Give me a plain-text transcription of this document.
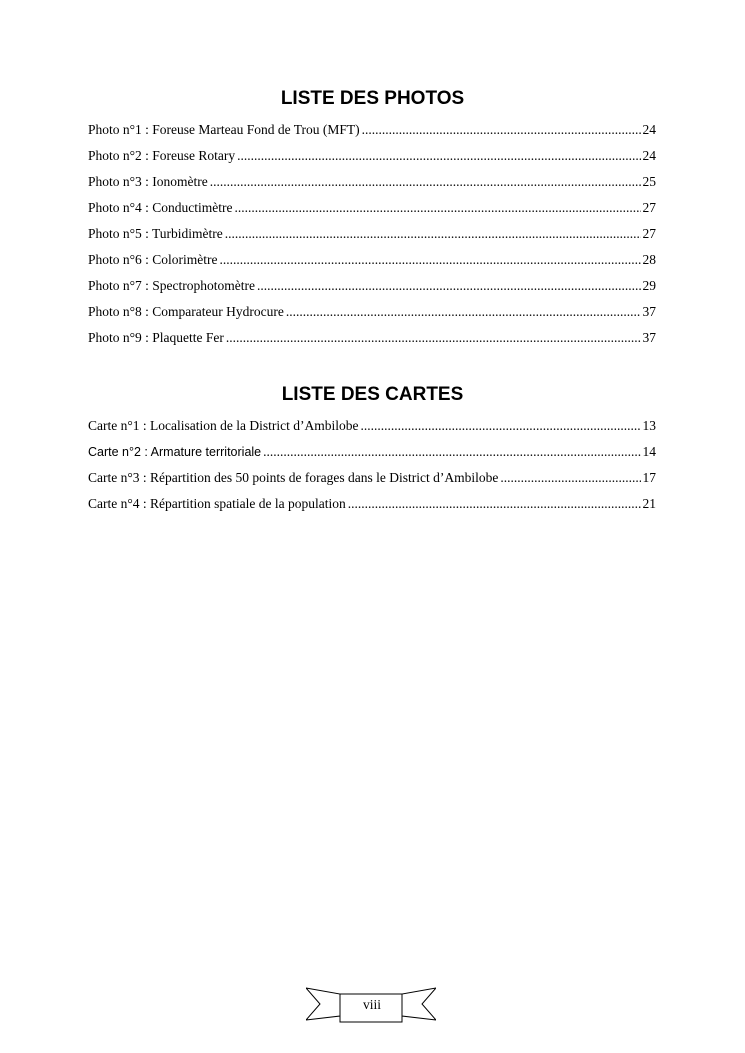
LISTE DES PHOTOS
Photo n°1 : Foreuse Marteau Fond de Trou (MFT) .....	24
Photo n°2 : Foreuse Rotary .....	24
Photo n°3 : Ionomètre .....	25
Photo n°4 : Conductimètre .....	27
Photo n°5 : Turbidimètre .....	27
Photo n°6 : Colorimètre .....	28
Photo n°7 : Spectrophotomètre .....	29
Photo n°8 : Comparateur Hydrocure .....	37
Photo n°9 : Plaquette Fer .....	37
LISTE DES CARTES
Carte n°1 : Localisation de la District d’Ambilobe .....	13
Carte n°2 : Armature territoriale .....	14
Carte n°3 : Répartition des 50 points de forages dans le District d’Ambilobe .....	17
Carte n°4 : Répartition spatiale de la population .....	21
viii
